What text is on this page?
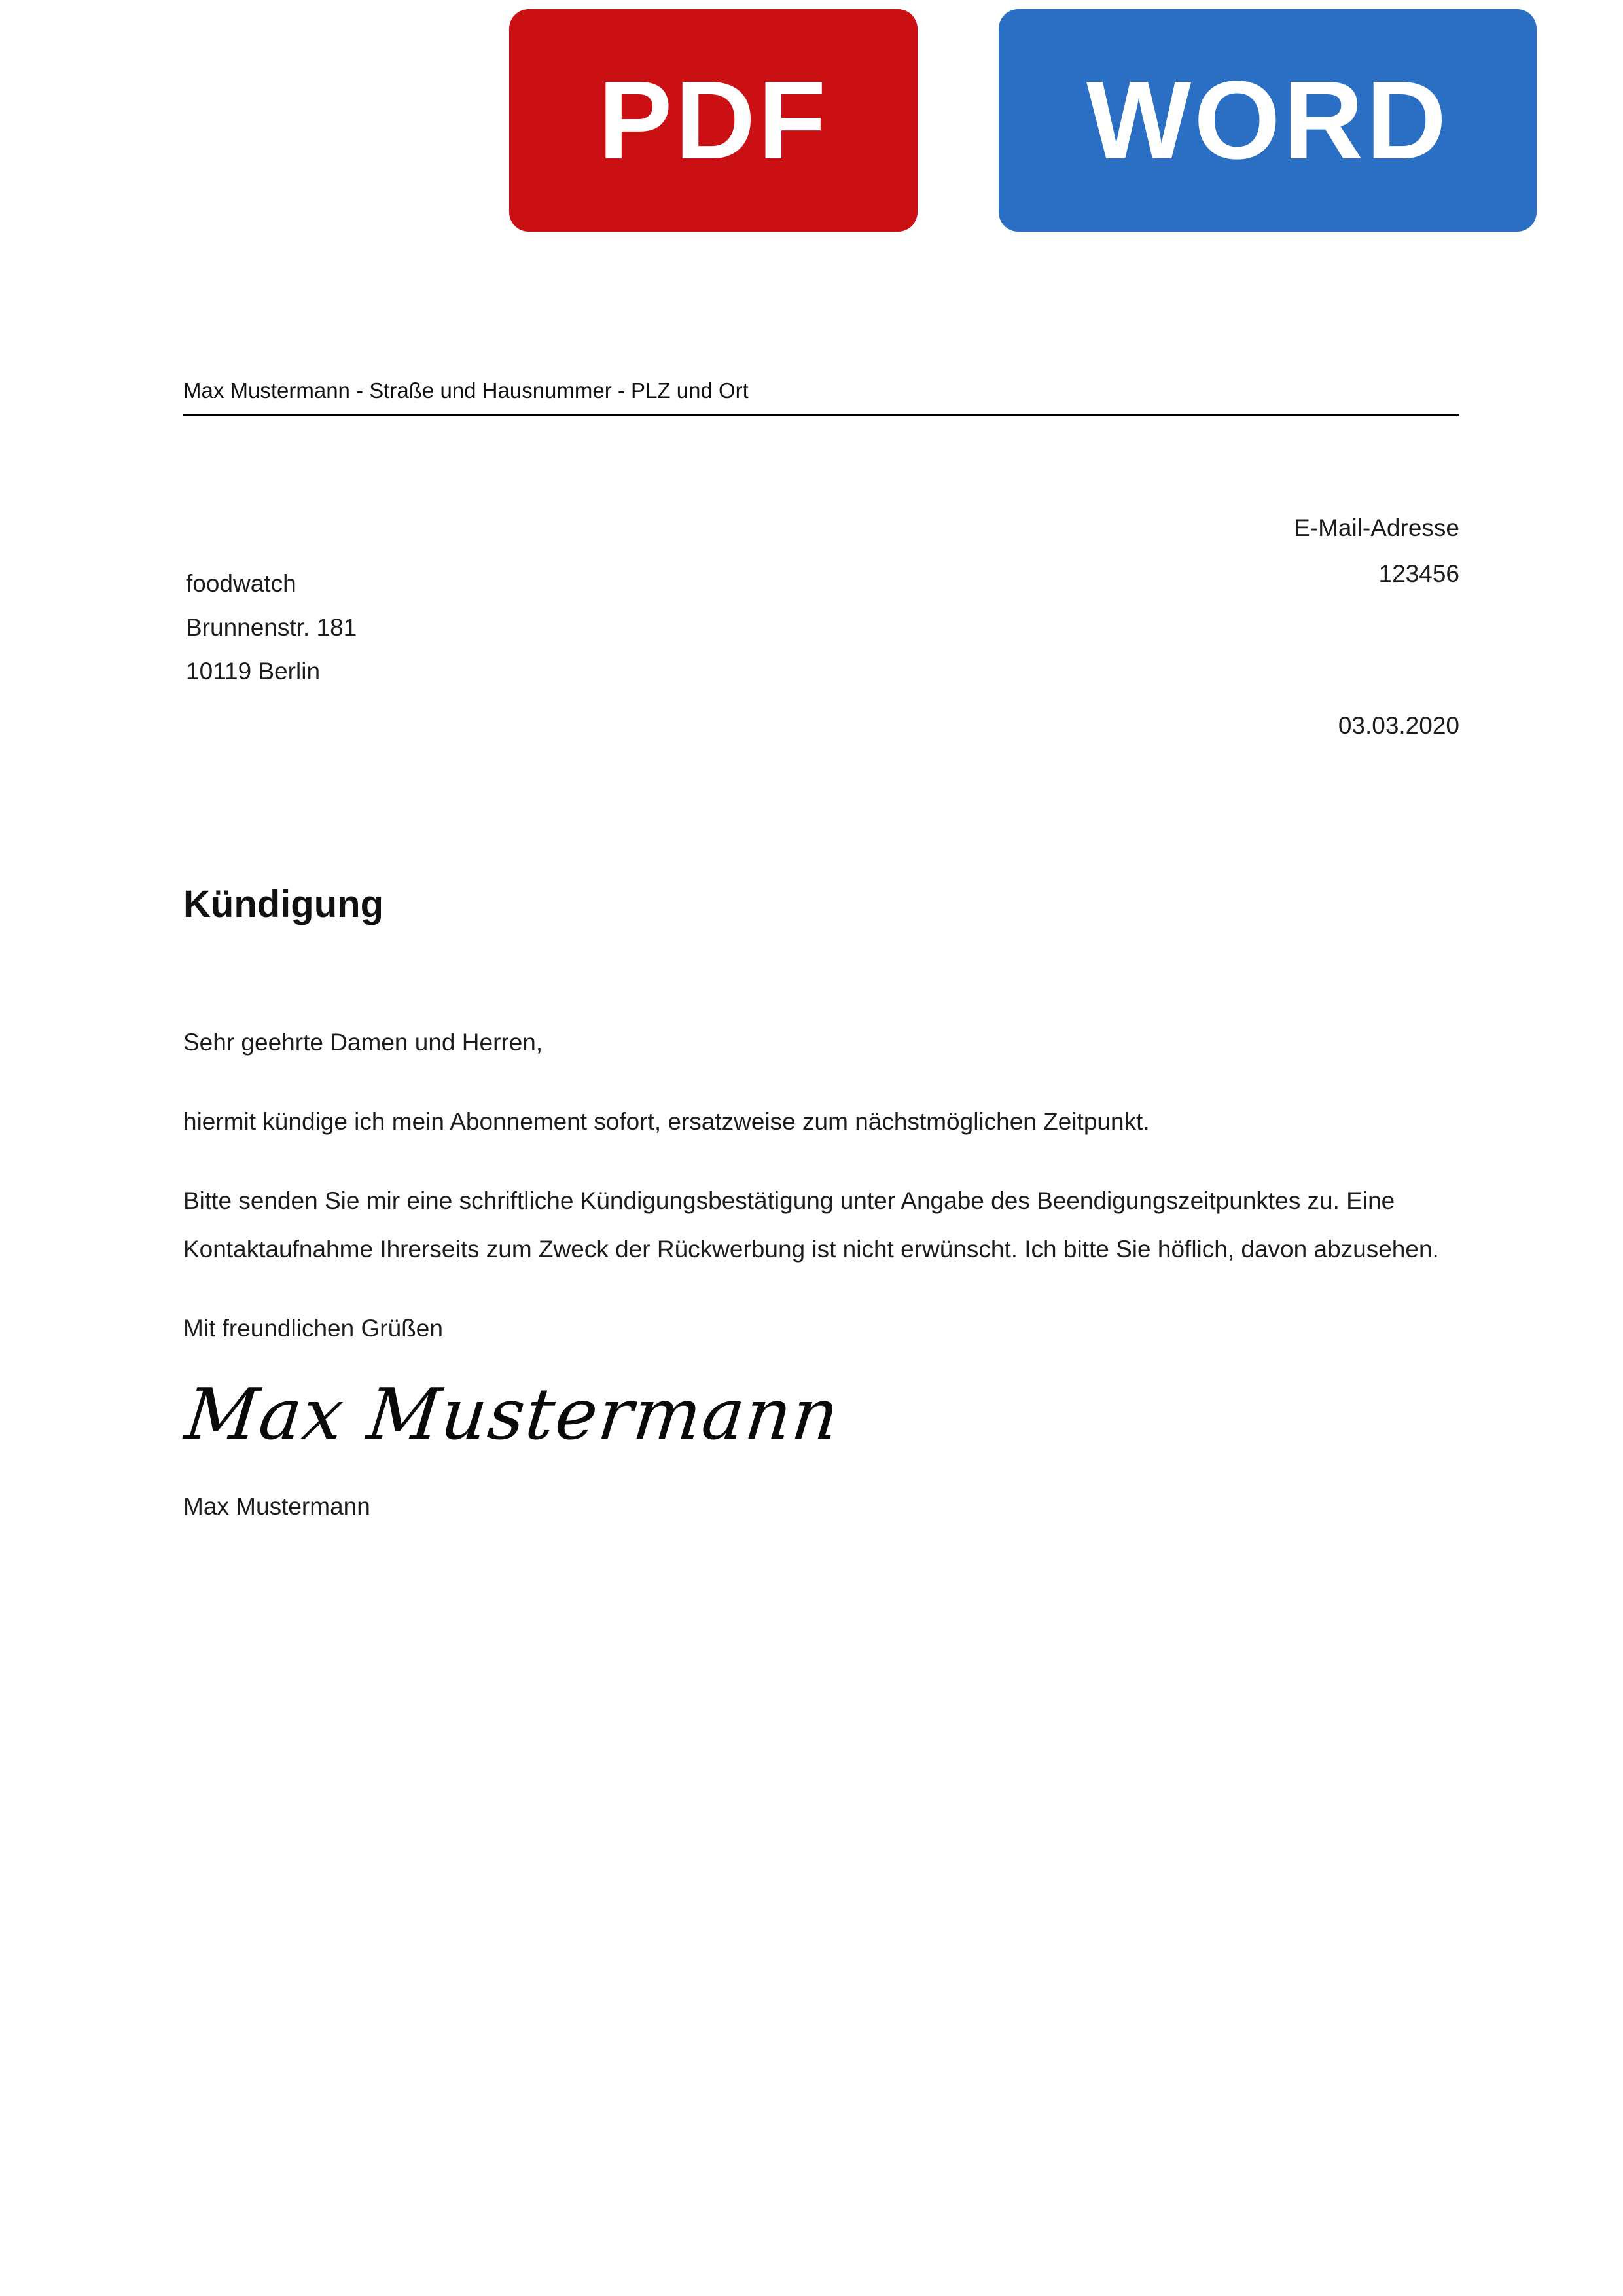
PDF	WORD
Max Mustermann - Straße und Hausnummer - PLZ und Ort
E-Mail-Adresse
123456
foodwatch
Brunnenstr. 181
10119 Berlin
03.03.2020
Kündigung

Sehr geehrte Damen und Herren,

hiermit kündige ich mein Abonnement sofort, ersatzweise zum nächstmöglichen Zeitpunkt.

Bitte senden Sie mir eine schriftliche Kündigungsbestätigung unter Angabe des Beendigungszeitpunktes zu. Eine Kontaktaufnahme Ihrerseits zum Zweck der Rückwerbung ist nicht erwünscht. Ich bitte Sie höflich, davon abzusehen.

Mit freundlichen Grüßen

Max Mustermann
Max Mustermann
